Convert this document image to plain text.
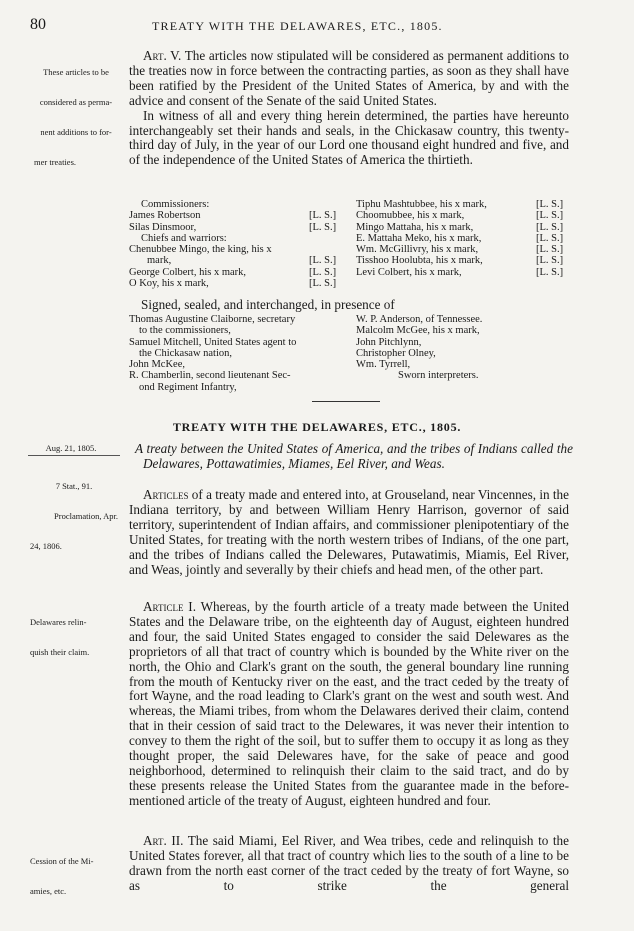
80	TREATY WITH THE DELAWARES, ETC., 1805.

These articles to be

considered as perma-

nent additions to for-

mer treaties.

Art. V. The articles now stipulated will be considered as permanent additions to the treaties now in force between the contracting parties, as soon as they shall have been ratified by the President of the United States of America, by and with the advice and consent of the Senate of the said United States.

In witness of all and every thing herein determined, the parties have hereunto interchangeably set their hands and seals, in the Chickasaw country, this twenty-third day of July, in the year of our Lord one thousand eight hundred and five, and of the independence of the United States of America the thirtieth.

Commissioners:
James Robertson	[L. S.]
Silas Dinsmoor,	[L. S.]
Chiefs and warriors:
Chenubbee Mingo, the king, his x
mark,	[L. S.]
George Colbert, his x mark,	[L. S.]
O Koy, his x mark,	[L. S.]
Tiphu Mashtubbee, his x mark,	[L. S.]
Choomubbee, his x mark,	[L. S.]
Mingo Mattaha, his x mark,	[L. S.]
E. Mattaha Meko, his x mark,	[L. S.]
Wm. McGillivry, his x mark,	[L. S.]
Tisshoo Hoolubta, his x mark,	[L. S.]
Levi Colbert, his x mark,	[L. S.]
Signed, sealed, and interchanged, in presence of
Thomas Augustine Claiborne, secretary
to the commissioners,
Samuel Mitchell, United States agent to
the Chickasaw nation,
John McKee,
R. Chamberlin, second lieutenant Sec-
ond Regiment Infantry,
W. P. Anderson, of Tennessee.
Malcolm McGee, his x mark,
John Pitchlynn,
Christopher Olney,
Wm. Tyrrell,
Sworn interpreters.
TREATY WITH THE DELAWARES, ETC., 1805.
Aug. 21, 1805.

7 Stat., 91.

Proclamation, Apr.

24, 1806.

A treaty between the United States of America, and the tribes of Indians called the Delawares, Pottawatimies, Miames, Eel River, and Weas.

Articles of a treaty made and entered into, at Grouseland, near Vincennes, in the Indiana territory, by and between William Henry Harrison, governor of said territory, superintendent of Indian affairs, and commissioner plenipotentiary of the United States, for treating with the north western tribes of Indians, of the one part, and the tribes of Indians called the Delewares, Putawatimis, Miamis, Eel River, and Weas, jointly and severally by their chiefs and head men, of the other part.

Delawares relin-

quish their claim.

Article I. Whereas, by the fourth article of a treaty made between the United States and the Delaware tribe, on the eighteenth day of August, eighteen hundred and four, the said United States engaged to consider the said Delewares as the proprietors of all that tract of country which is bounded by the White river on the north, the Ohio and Clark's grant on the south, the general boundary line running from the mouth of Kentucky river on the east, and the tract ceded by the treaty of fort Wayne, and the road leading to Clark's grant on the west and south west. And whereas, the Miami tribes, from whom the Delawares derived their claim, contend that in their cession of said tract to the Delewares, it was never their intention to convey to them the right of the soil, but to suffer them to occupy it as long as they thought proper, the said Delewares have, for the sake of peace and good neighborhood, determined to relinquish their claim to the said tract, and do by these presents release the United States from the guarantee made in the before-mentioned article of the treaty of August, eighteen hundred and four.

Cession of the Mi-

amies, etc.

Art. II. The said Miami, Eel River, and Wea tribes, cede and relinquish to the United States forever, all that tract of country which lies to the south of a line to be drawn from the north east corner of the tract ceded by the treaty of fort Wayne, so as to strike the general
